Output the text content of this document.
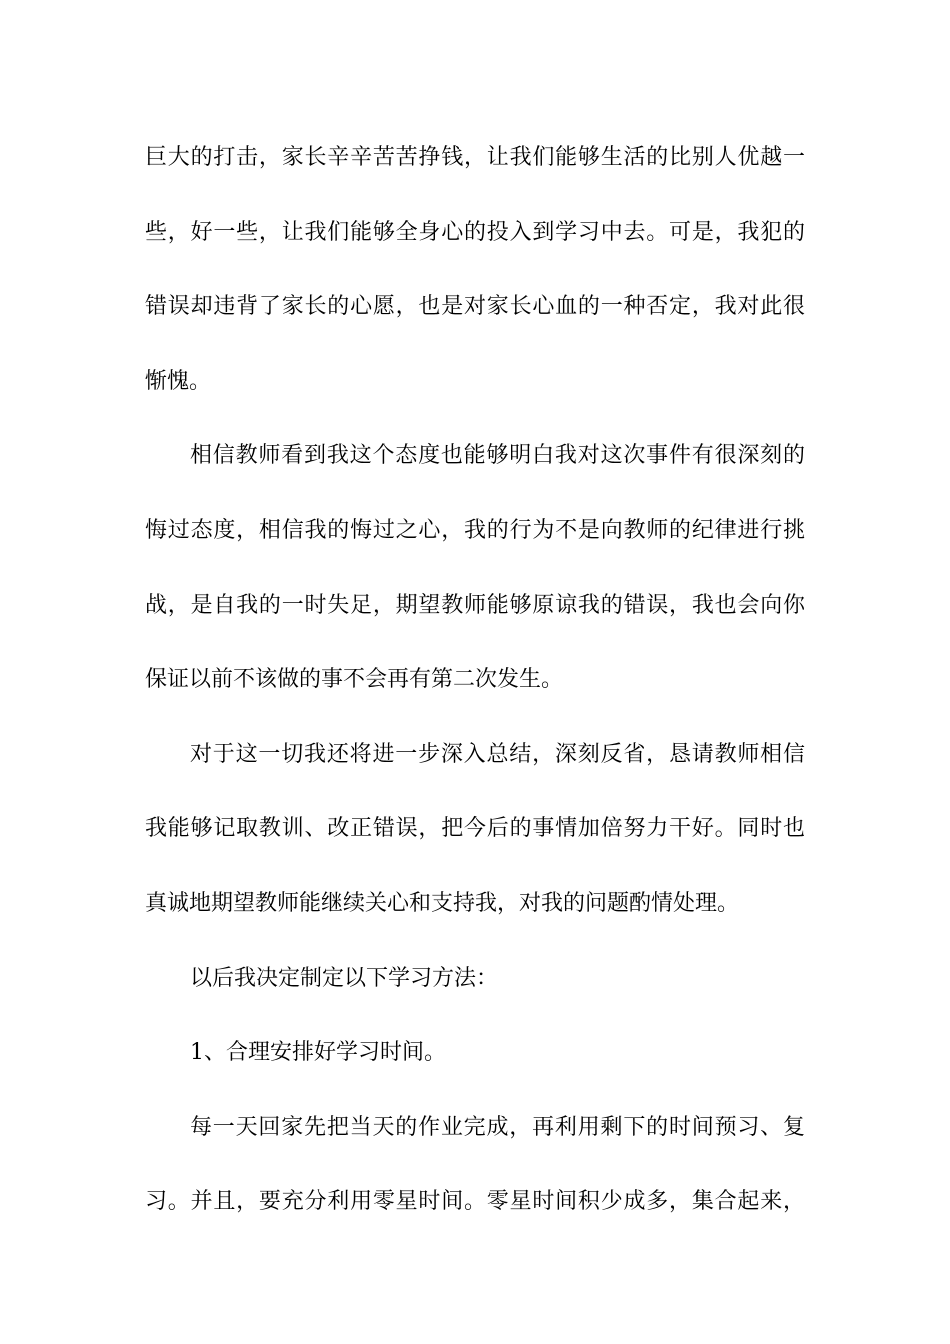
巨大的打击，家长辛辛苦苦挣钱，让我们能够生活的比别人优越一
些，好一些，让我们能够全身心的投入到学习中去。可是，我犯的
错误却违背了家长的心愿，也是对家长心血的一种否定，我对此很
惭愧。
相信教师看到我这个态度也能够明白我对这次事件有很深刻的
悔过态度，相信我的悔过之心，我的行为不是向教师的纪律进行挑
战，是自我的一时失足，期望教师能够原谅我的错误，我也会向你
保证以前不该做的事不会再有第二次发生。
对于这一切我还将进一步深入总结，深刻反省，恳请教师相信
我能够记取教训、改正错误，把今后的事情加倍努力干好。同时也
真诚地期望教师能继续关心和支持我，对我的问题酌情处理。
以后我决定制定以下学习方法：
1、合理安排好学习时间。
每一天回家先把当天的作业完成，再利用剩下的时间预习、复
习。并且，要充分利用零星时间。零星时间积少成多，集合起来，
